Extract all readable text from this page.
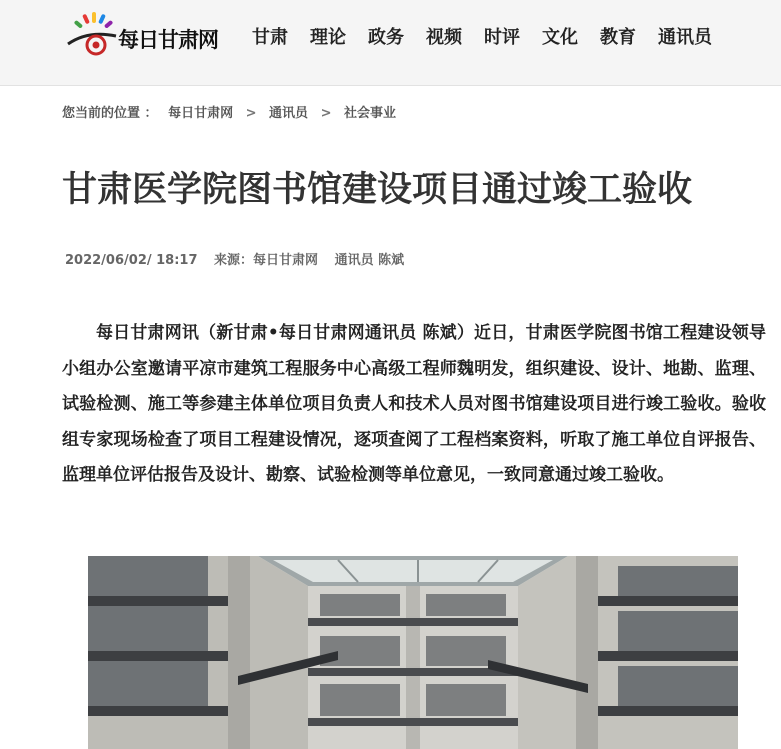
每日甘肃网 甘肃 理论 政务 视频 时评 文化 教育 通讯员
您当前的位置 ： 每日甘肃网 > 通讯员 > 社会事业
甘肃医学院图书馆建设项目通过竣工验收
2022/06/02/ 18:17 来源：每日甘肃网 通讯员 陈斌

每日甘肃网讯（新甘肃•每日甘肃网通讯员 陈斌）近日，甘肃医学院图书馆工程建设领导小组办公室邀请平凉市建筑工程服务中心高级工程师魏明发，组织建设、设计、地勘、监理、试验检测、施工等参建主体单位项目负责人和技术人员对图书馆建设项目进行竣工验收。验收组专家现场检查了项目工程建设情况，逐项查阅了工程档案资料，听取了施工单位自评报告、监理单位评估报告及设计、勘察、试验检测等单位意见，一致同意通过竣工验收。
